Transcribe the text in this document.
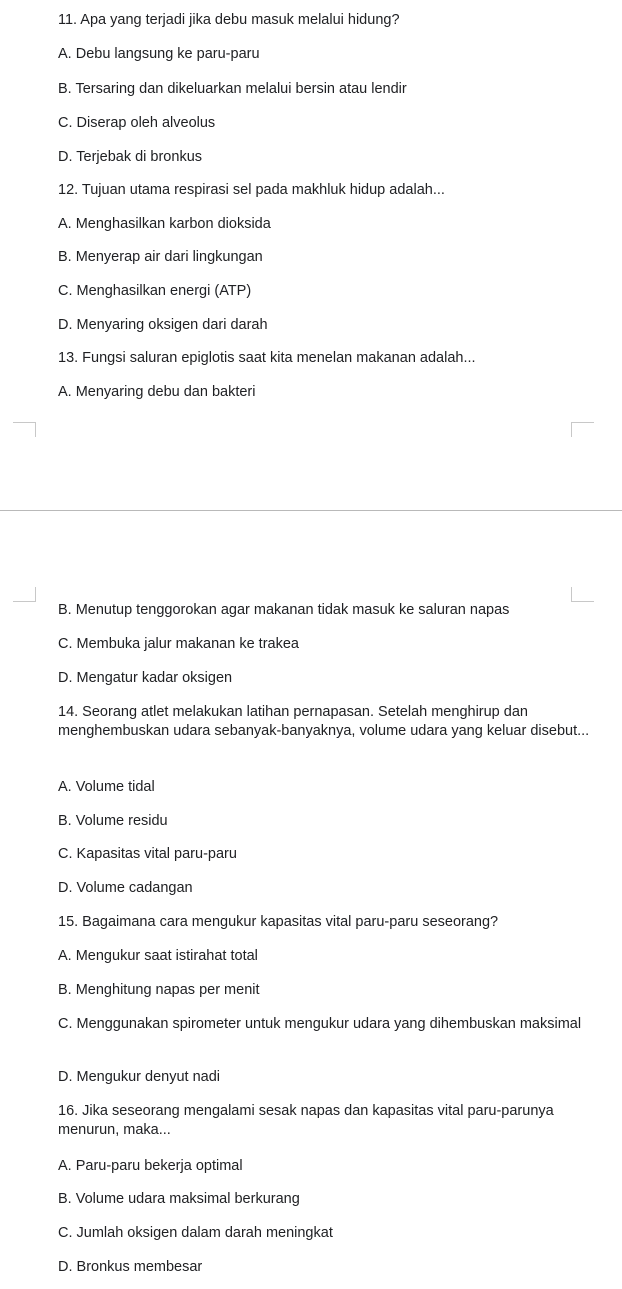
11. Apa yang terjadi jika debu masuk melalui hidung?
A. Debu langsung ke paru-paru
B. Tersaring dan dikeluarkan melalui bersin atau lendir
C. Diserap oleh alveolus
D. Terjebak di bronkus
12. Tujuan utama respirasi sel pada makhluk hidup adalah...
A. Menghasilkan karbon dioksida
B. Menyerap air dari lingkungan
C. Menghasilkan energi (ATP)
D. Menyaring oksigen dari darah
13. Fungsi saluran epiglotis saat kita menelan makanan adalah...
A. Menyaring debu dan bakteri
B. Menutup tenggorokan agar makanan tidak masuk ke saluran napas
C. Membuka jalur makanan ke trakea
D. Mengatur kadar oksigen
14. Seorang atlet melakukan latihan pernapasan. Setelah menghirup dan menghembuskan udara sebanyak-banyaknya, volume udara yang keluar disebut...
A. Volume tidal
B. Volume residu
C. Kapasitas vital paru-paru
D. Volume cadangan
15. Bagaimana cara mengukur kapasitas vital paru-paru seseorang?
A. Mengukur saat istirahat total
B. Menghitung napas per menit
C. Menggunakan spirometer untuk mengukur udara yang dihembuskan maksimal
D. Mengukur denyut nadi
16. Jika seseorang mengalami sesak napas dan kapasitas vital paru-parunya menurun, maka...
A. Paru-paru bekerja optimal
B. Volume udara maksimal berkurang
C. Jumlah oksigen dalam darah meningkat
D. Bronkus membesar
